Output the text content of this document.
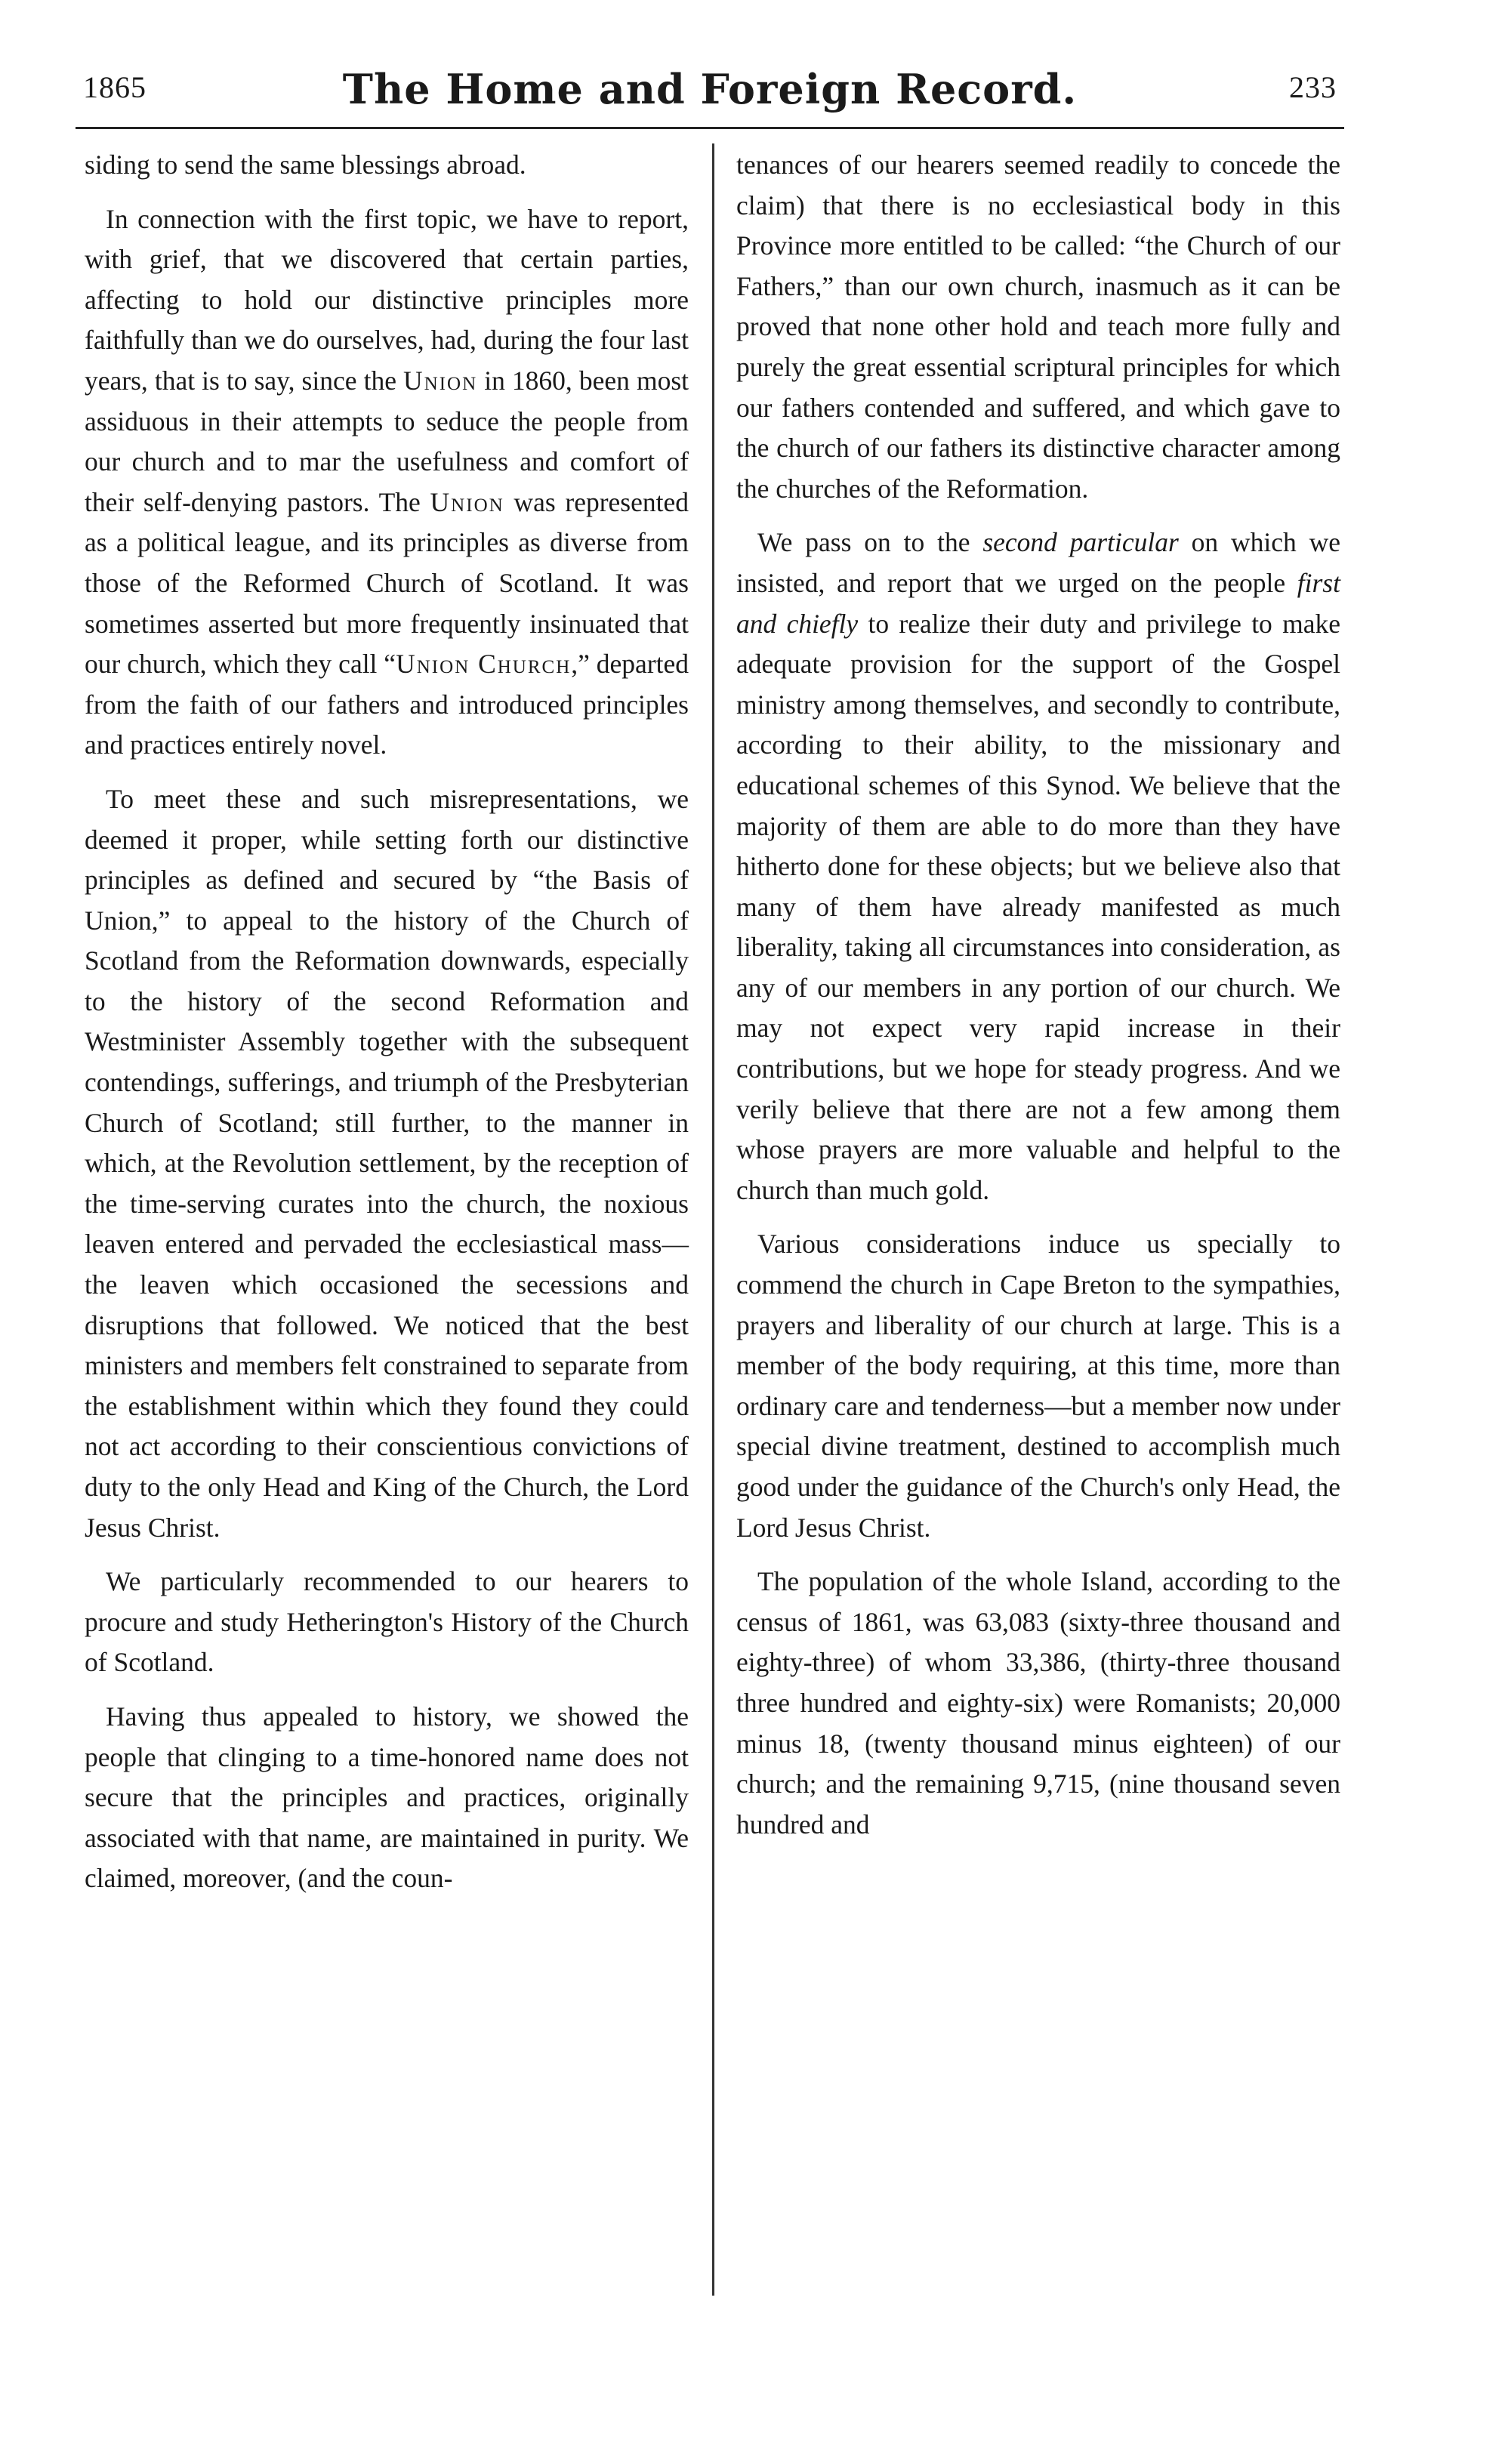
1865	The Home and Foreign Record.	233

siding to send the same blessings abroad.

In connection with the first topic, we have to report, with grief, that we discovered that certain parties, affecting to hold our distinctive principles more faithfully than we do ourselves, had, during the four last years, that is to say, since the Union in 1860, been most assiduous in their attempts to seduce the people from our church and to mar the usefulness and comfort of their self-denying pastors. The Union was represented as a political league, and its principles as diverse from those of the Reformed Church of Scotland. It was sometimes asserted but more frequently insinuated that our church, which they call “Union Church,” departed from the faith of our fathers and introduced principles and practices entirely novel.

To meet these and such misrepresentations, we deemed it proper, while setting forth our distinctive principles as defined and secured by “the Basis of Union,” to appeal to the history of the Church of Scotland from the Reformation downwards, especially to the history of the second Reformation and Westminister Assembly together with the subsequent contendings, sufferings, and triumph of the Presbyterian Church of Scotland; still further, to the manner in which, at the Revolution settlement, by the reception of the time-serving curates into the church, the noxious leaven entered and pervaded the ecclesiastical mass—the leaven which occasioned the secessions and disruptions that followed. We noticed that the best ministers and members felt constrained to separate from the establishment within which they found they could not act according to their conscientious convictions of duty to the only Head and King of the Church, the Lord Jesus Christ.

We particularly recommended to our hearers to procure and study Hetherington's History of the Church of Scotland.

Having thus appealed to history, we showed the people that clinging to a time-honored name does not secure that the principles and practices, originally associated with that name, are maintained in purity. We claimed, moreover, (and the coun-

tenances of our hearers seemed readily to concede the claim) that there is no ecclesiastical body in this Province more entitled to be called: “the Church of our Fathers,” than our own church, inasmuch as it can be proved that none other hold and teach more fully and purely the great essential scriptural principles for which our fathers contended and suffered, and which gave to the church of our fathers its distinctive character among the churches of the Reformation.

We pass on to the second particular on which we insisted, and report that we urged on the people first and chiefly to realize their duty and privilege to make adequate provision for the support of the Gospel ministry among themselves, and secondly to contribute, according to their ability, to the missionary and educational schemes of this Synod. We believe that the majority of them are able to do more than they have hitherto done for these objects; but we believe also that many of them have already manifested as much liberality, taking all circumstances into consideration, as any of our members in any portion of our church. We may not expect very rapid increase in their contributions, but we hope for steady progress. And we verily believe that there are not a few among them whose prayers are more valuable and helpful to the church than much gold.

Various considerations induce us specially to commend the church in Cape Breton to the sympathies, prayers and liberality of our church at large. This is a member of the body requiring, at this time, more than ordinary care and tenderness—but a member now under special divine treatment, destined to accomplish much good under the guidance of the Church's only Head, the Lord Jesus Christ.

The population of the whole Island, according to the census of 1861, was 63,083 (sixty-three thousand and eighty-three) of whom 33,386, (thirty-three thousand three hundred and eighty-six) were Romanists; 20,000 minus 18, (twenty thousand minus eighteen) of our church; and the remaining 9,715, (nine thousand seven hundred and
